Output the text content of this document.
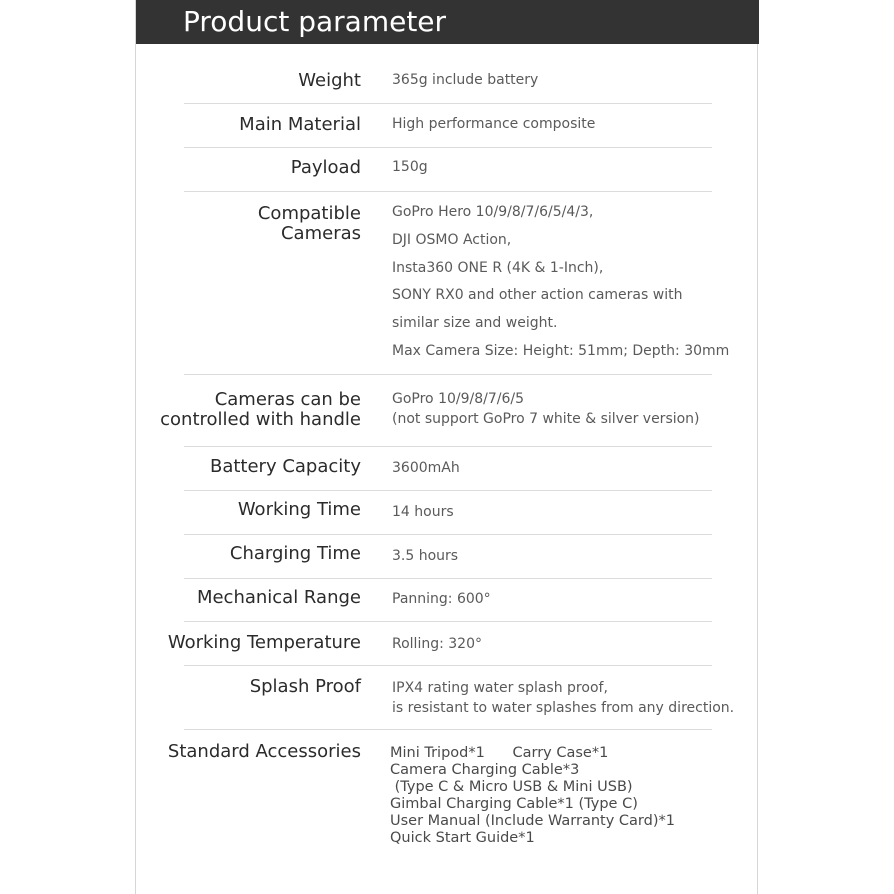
Product parameter
Weight 365g include battery
Main Material High performance composite
Payload 150g
Compatible
Cameras
GoPro Hero 10/9/8/7/6/5/4/3,
DJI OSMO Action,
Insta360 ONE R (4K & 1-Inch),
SONY RX0 and other action cameras with
similar size and weight.
Max Camera Size: Height: 51mm; Depth: 30mm
Cameras can be
controlled with handle
GoPro 10/9/8/7/6/5
(not support GoPro 7 white & silver version)
Battery Capacity 3600mAh
Working Time 14 hours
Charging Time 3.5 hours
Mechanical Range Panning: 600°
Working Temperature Rolling: 320°
Splash Proof IPX4 rating water splash proof,
is resistant to water splashes from any direction.
Standard Accessories Mini Tripod*1      Carry Case*1
Camera Charging Cable*3
(Type C & Micro USB & Mini USB)
Gimbal Charging Cable*1 (Type C)
User Manual (Include Warranty Card)*1
Quick Start Guide*1
